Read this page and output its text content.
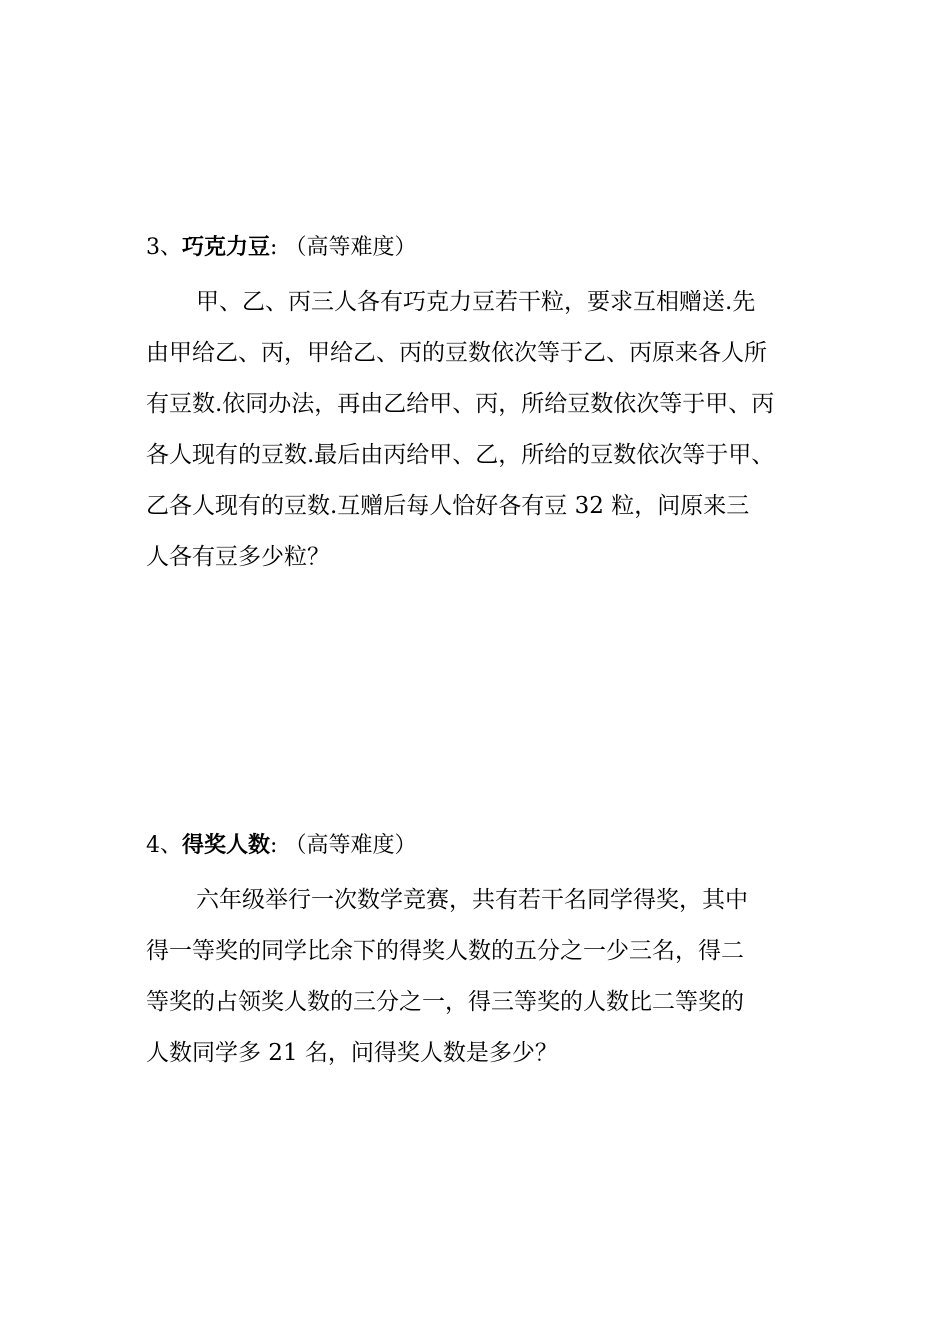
3、巧克力豆: （高等难度）
甲、乙、丙三人各有巧克力豆若干粒，要求互相赠送.先
由甲给乙、丙，甲给乙、丙的豆数依次等于乙、丙原来各人所
有豆数.依同办法，再由乙给甲、丙，所给豆数依次等于甲、丙
各人现有的豆数.最后由丙给甲、乙，所给的豆数依次等于甲、
乙各人现有的豆数.互赠后每人恰好各有豆 32 粒，问原来三
人各有豆多少粒？
4、得奖人数: （高等难度）
六年级举行一次数学竞赛，共有若干名同学得奖，其中
得一等奖的同学比余下的得奖人数的五分之一少三名，得二
等奖的占领奖人数的三分之一，得三等奖的人数比二等奖的
人数同学多 21 名，问得奖人数是多少？
